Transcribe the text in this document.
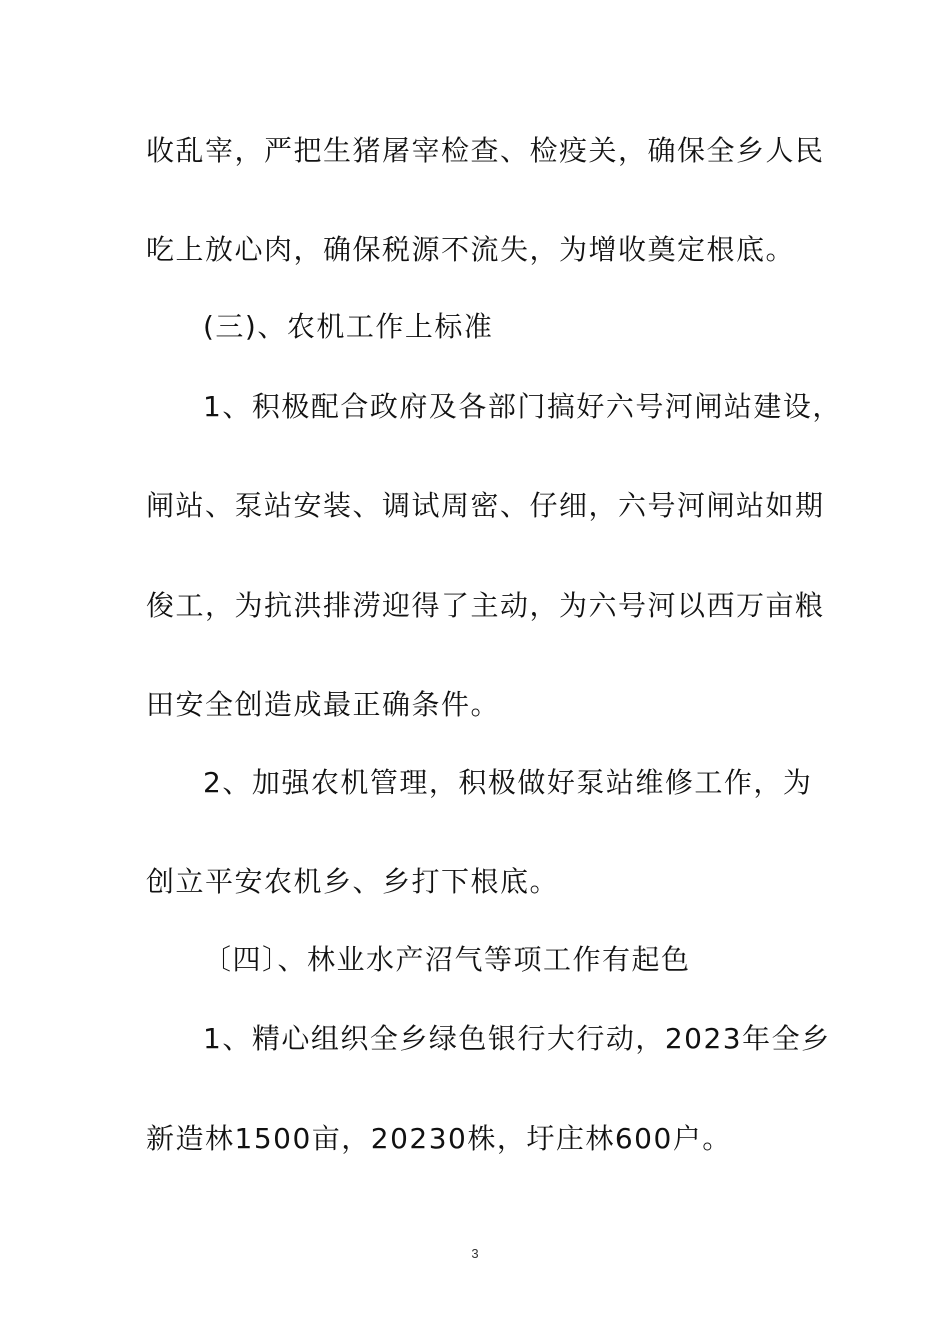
收乱宰，严把生猪屠宰检查、检疫关，确保全乡人民

吃上放心肉，确保税源不流失，为增收奠定根底。

(三)、农机工作上标准

1、积极配合政府及各部门搞好六号河闸站建设，

闸站、泵站安装、调试周密、仔细，六号河闸站如期

俊工，为抗洪排涝迎得了主动，为六号河以西万亩粮

田安全创造成最正确条件。

2、加强农机管理，积极做好泵站维修工作，为

创立平安农机乡、乡打下根底。

〔四〕、林业水产沼气等项工作有起色

1、精心组织全乡绿色银行大行动，2023年全乡

新造林1500亩，20230株，圩庄林600户。

3
